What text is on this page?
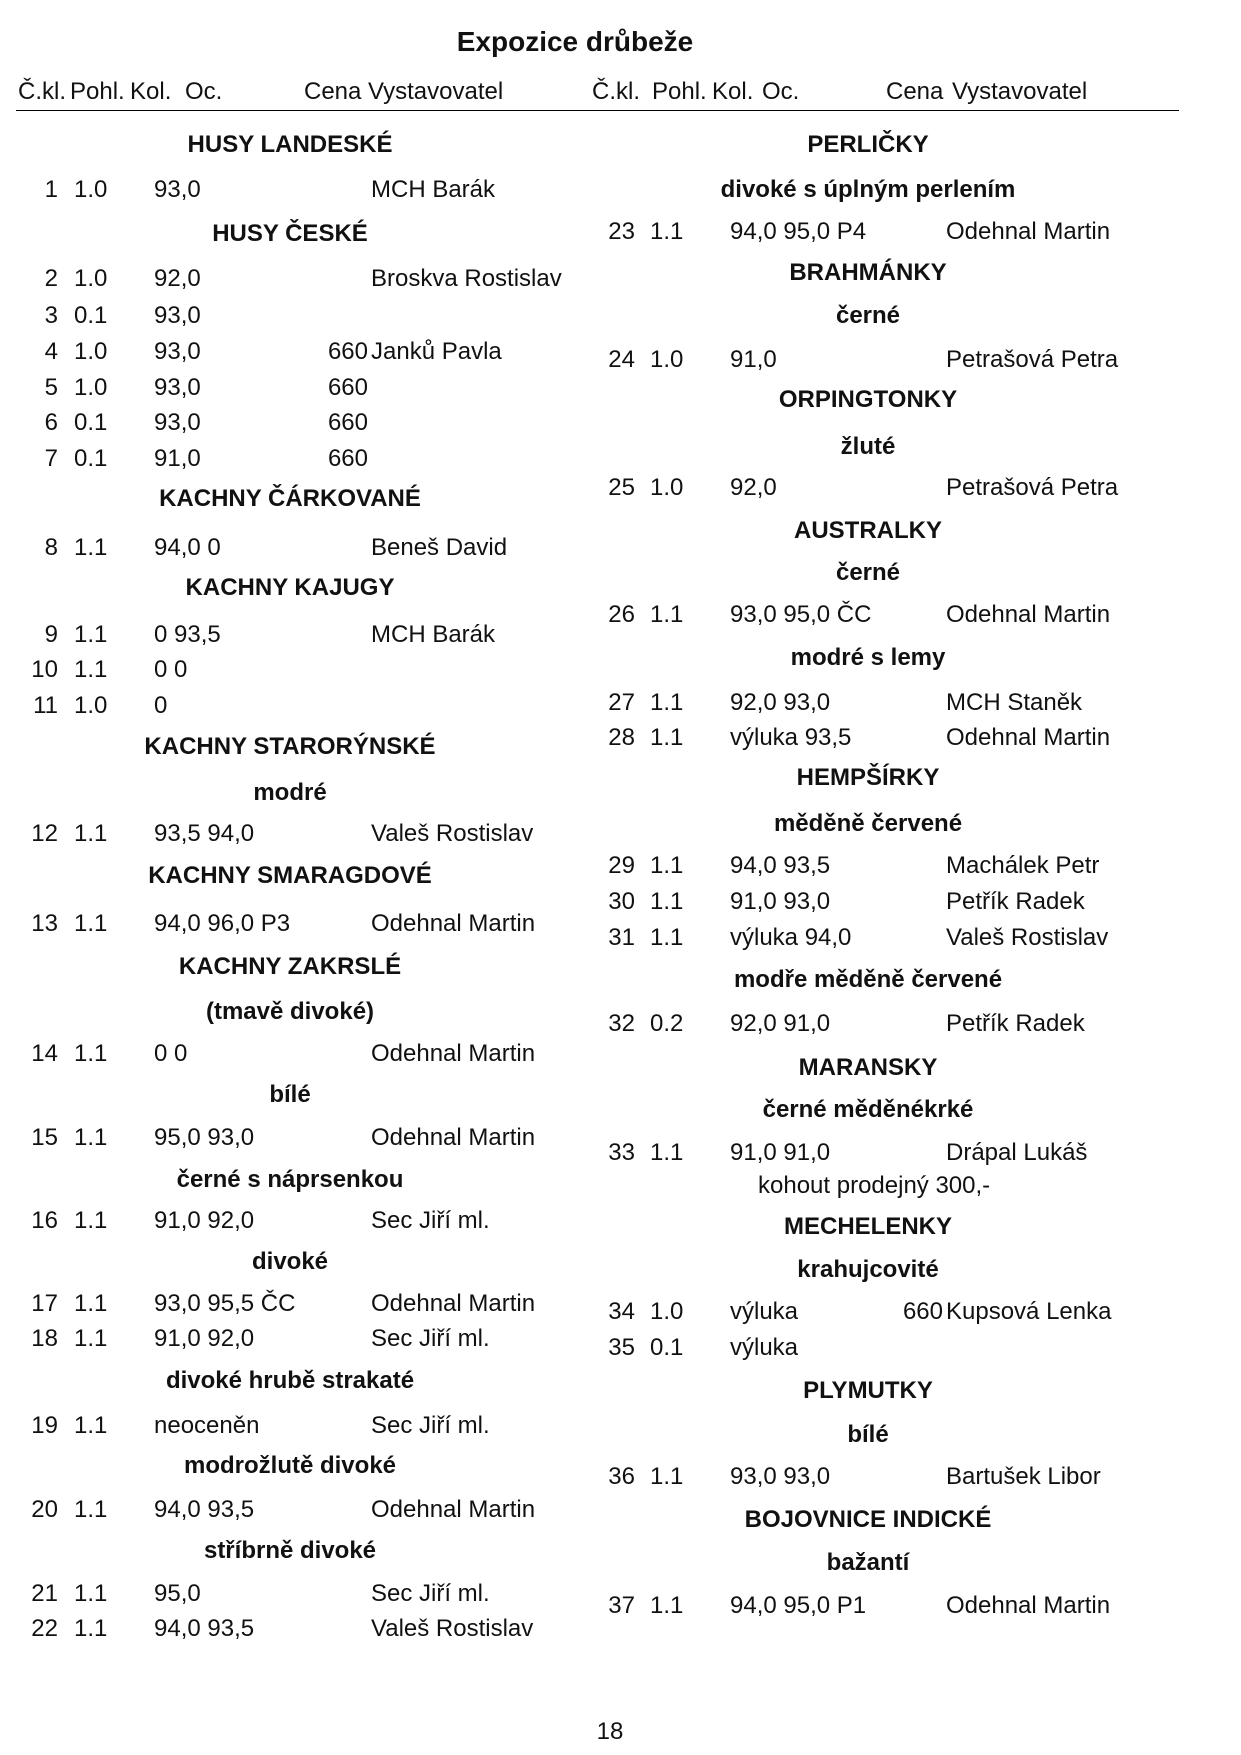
Expozice drůbeže
Č.kl. Pohl. Kol. Oc.	Cena Vystavovatel	Č.kl. Pohl. Kol. Oc.	Cena Vystavovatel
HUSY LANDESKÉ
1 1.0 93,0	MCH Barák
HUSY ČESKÉ
2 1.0 92,0	Broskva Rostislav
3 0.1 93,0
4 1.0 93,0	660 Janků Pavla
5 1.0 93,0	660
6 0.1 93,0	660
7 0.1 91,0	660
KACHNY ČÁRKOVANÉ
8 1.1 94,0 0	Beneš David
KACHNY KAJUGY
9 1.1 0 93,5	MCH Barák
10 1.1 0 0
11 1.0 0
KACHNY STARORÝNSKÉ
modré
12 1.1 93,5 94,0	Valeš Rostislav
KACHNY SMARAGDOVÉ
13 1.1 94,0 96,0 P3	Odehnal Martin
KACHNY ZAKRSLÉ
(tmavě divoké)
14 1.1 0 0	Odehnal Martin
bílé
15 1.1 95,0 93,0	Odehnal Martin
černé s náprsenkou
16 1.1 91,0 92,0	Sec Jiří ml.
divoké
17 1.1 93,0 95,5 ČC	Odehnal Martin
18 1.1 91,0 92,0	Sec Jiří ml.
divoké hrubě strakaté
19 1.1 neoceněn	Sec Jiří ml.
modrožlutě divoké
20 1.1 94,0 93,5	Odehnal Martin
stříbrně divoké
21 1.1 95,0	Sec Jiří ml.
22 1.1 94,0 93,5	Valeš Rostislav
PERLIČKY
divoké s úplným perlením
23 1.1 94,0 95,0 P4	Odehnal Martin
BRAHMÁNKY
černé
24 1.0 91,0	Petrašová Petra
ORPINGTONKY
žluté
25 1.0 92,0	Petrašová Petra
AUSTRALKY
černé
26 1.1 93,0 95,0 ČC	Odehnal Martin
modré s lemy
27 1.1 92,0 93,0	MCH Staněk
28 1.1 výluka 93,5	Odehnal Martin
HEMPŠÍRKY
měděně červené
29 1.1 94,0 93,5	Machálek Petr
30 1.1 91,0 93,0	Petřík Radek
31 1.1 výluka 94,0	Valeš Rostislav
modře měděně červené
32 0.2 92,0 91,0	Petřík Radek
MARANSKY
černé měděnékrké
33 1.1 91,0 91,0	Drápal Lukáš
kohout prodejný 300,-
MECHELENKY
krahujcovité
34 1.0 výluka	660 Kupsová Lenka
35 0.1 výluka
PLYMUTKY
bílé
36 1.1 93,0 93,0	Bartušek Libor
BOJOVNICE INDICKÉ
bažantí
37 1.1 94,0 95,0 P1	Odehnal Martin
18
